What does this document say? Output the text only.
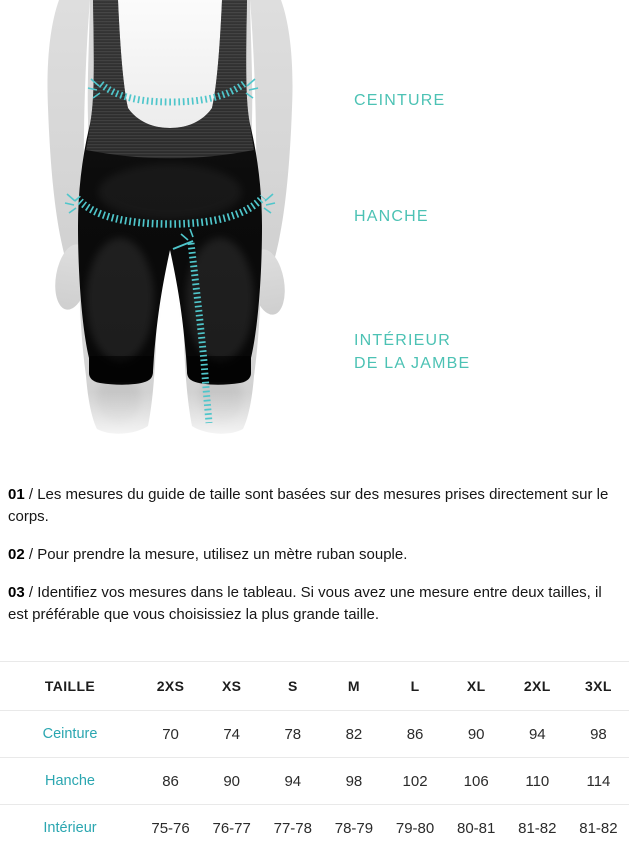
CEINTURE
HANCHE
INTÉRIEUR
DE LA JAMBE

01 / Les mesures du guide de taille sont basées sur des mesures prises directement sur le corps.

02 / Pour prendre la mesure, utilisez un mètre ruban souple.

03 / Identifiez vos mesures dans le tableau. Si vous avez une mesure entre deux tailles, il est préférable que vous choisissiez la plus grande taille.

TAILLE	2XS	XS	S	M	L	XL	2XL	3XL
Ceinture	70	74	78	82	86	90	94	98
Hanche	86	90	94	98	102	106	110	114
Intérieur	75-76	76-77	77-78	78-79	79-80	80-81	81-82	81-82
